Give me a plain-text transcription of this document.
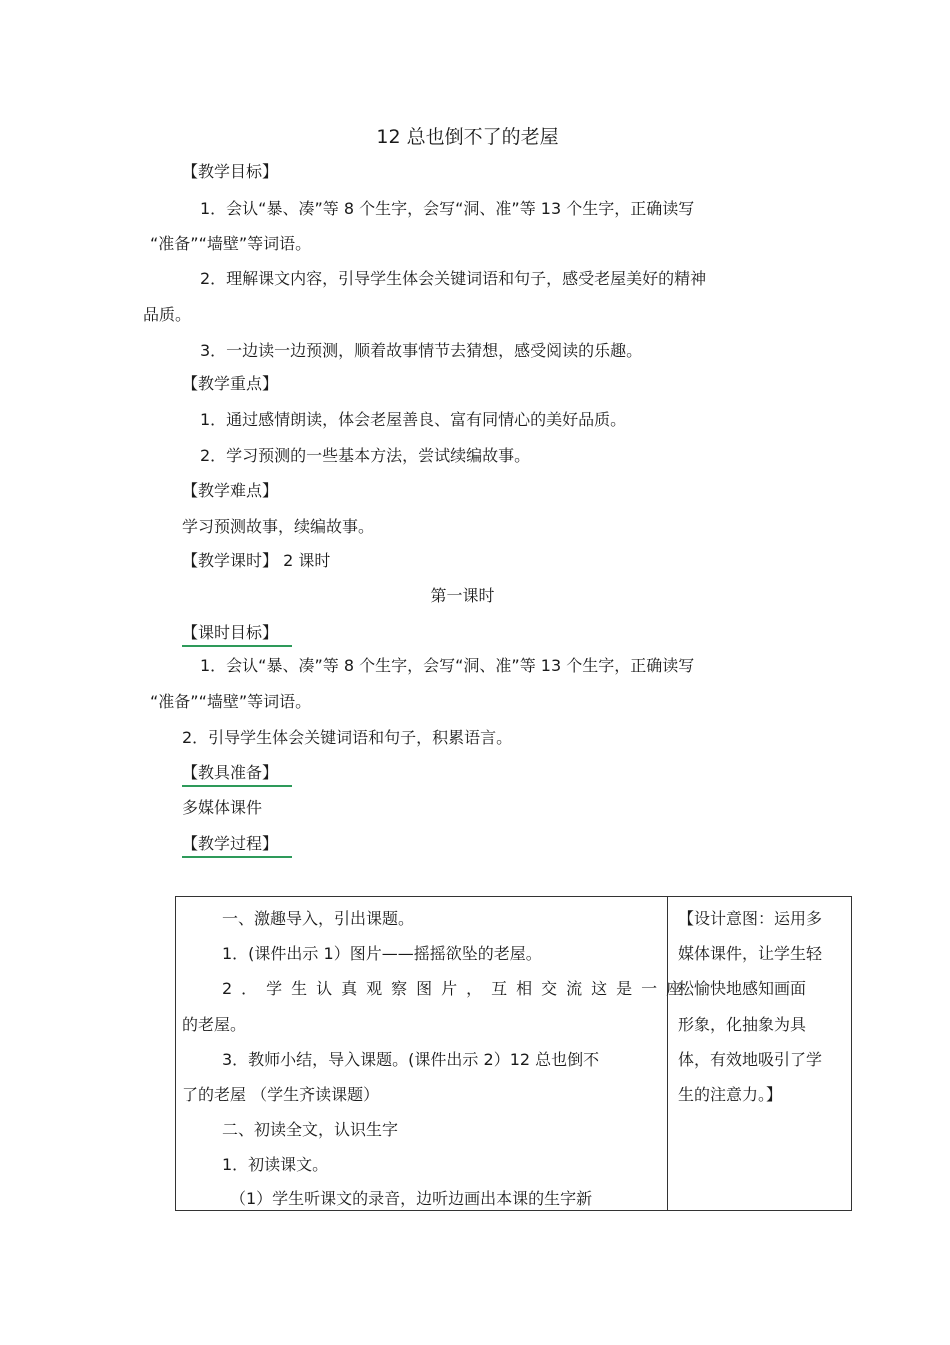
12 总也倒不了的老屋
【教学目标】
1．会认“暴、凑”等 8 个生字，会写“洞、准”等 13 个生字，正确读写
“准备”“墙壁”等词语。
2．理解课文内容，引导学生体会关键词语和句子，感受老屋美好的精神
品质。
3．一边读一边预测，顺着故事情节去猜想，感受阅读的乐趣。
【教学重点】
1．通过感情朗读，体会老屋善良、富有同情心的美好品质。
2．学习预测的一些基本方法，尝试续编故事。
【教学难点】
学习预测故事，续编故事。
【教学课时】 2 课时
第一课时
【课时目标】
1．会认“暴、凑”等 8 个生字，会写“洞、准”等 13 个生字，正确读写
“准备”“墙壁”等词语。
2．引导学生体会关键词语和句子，积累语言。
【教具准备】
多媒体课件
【教学过程】
一、激趣导入，引出课题。
1．(课件出示 1）图片——摇摇欲坠的老屋。
2．学生认真观察图片，互相交流这是一座
的老屋。
3．教师小结，导入课题。(课件出示 2）12 总也倒不
了的老屋 （学生齐读课题）
二、初读全文，认识生字
1．初读课文。
（1）学生听课文的录音，边听边画出本课的生字新
【设计意图：运用多
媒体课件，让学生轻
松愉快地感知画面
形象，化抽象为具
体，有效地吸引了学
生的注意力。】
